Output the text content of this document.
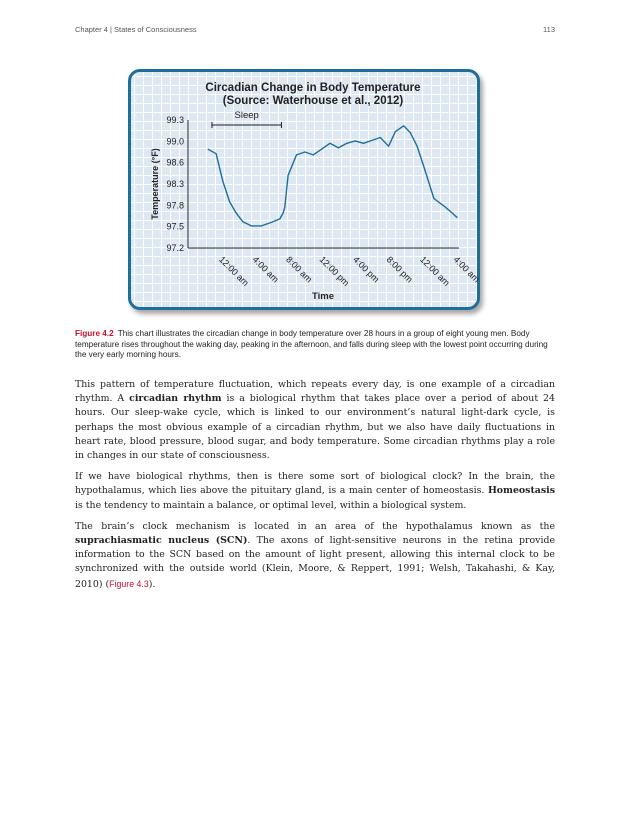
Chapter 4 | States of Consciousness	113
Circadian Change in Body Temperature
(Source: Waterhouse et al., 2012)
Sleep
99.3
99.0
98.6
98.3
97.8
97.5
97.2
12:00 am 4:00 am 8:00 am 12:00 pm 4:00 pm 8:00 pm 12:00 am 4:00 am
Temperature (°F)
Time
Figure 4.2 This chart illustrates the circadian change in body temperature over 28 hours in a group of eight young men. Body temperature rises throughout the waking day, peaking in the afternoon, and falls during sleep with the lowest point occurring during the very early morning hours.

This pattern of temperature fluctuation, which repeats every day, is one example of a circadian rhythm. A circadian rhythm is a biological rhythm that takes place over a period of about 24 hours. Our sleep-wake cycle, which is linked to our environment’s natural light-dark cycle, is perhaps the most obvious example of a circadian rhythm, but we also have daily fluctuations in heart rate, blood pressure, blood sugar, and body temperature. Some circadian rhythms play a role in changes in our state of consciousness.

If we have biological rhythms, then is there some sort of biological clock? In the brain, the hypothalamus, which lies above the pituitary gland, is a main center of homeostasis. Homeostasis is the tendency to maintain a balance, or optimal level, within a biological system.

The brain’s clock mechanism is located in an area of the hypothalamus known as the suprachiasmatic nucleus (SCN). The axons of light-sensitive neurons in the retina provide information to the SCN based on the amount of light present, allowing this internal clock to be synchronized with the outside world (Klein, Moore, & Reppert, 1991; Welsh, Takahashi, & Kay, 2010) (Figure 4.3).
